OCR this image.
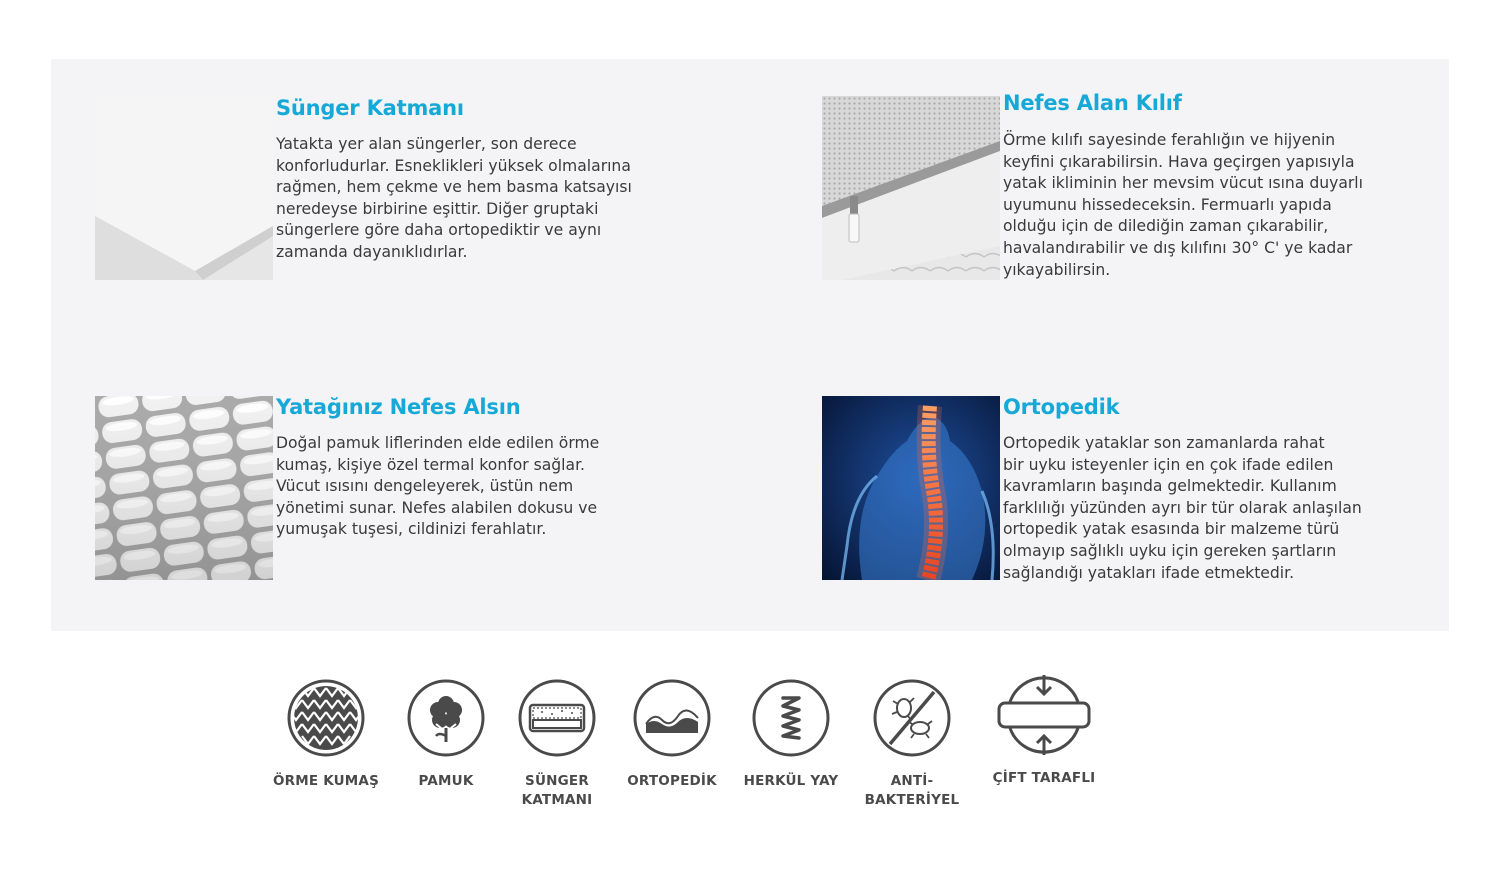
Sünger Katmanı
Yatakta yer alan süngerler, son derece
konforludurlar. Esneklikleri yüksek olmalarına
rağmen, hem çekme ve hem basma katsayısı
neredeyse birbirine eşittir. Diğer gruptaki
süngerlere göre daha ortopediktir ve aynı
zamanda dayanıklıdırlar.
Nefes Alan Kılıf
Örme kılıfı sayesinde ferahlığın ve hijyenin
keyfini çıkarabilirsin. Hava geçirgen yapısıyla
yatak ikliminin her mevsim vücut ısına duyarlı
uyumunu hissedeceksin. Fermuarlı yapıda
olduğu için de dilediğin zaman çıkarabilir,
havalandırabilir ve dış kılıfını 30° C' ye kadar
yıkayabilirsin.
Yatağınız Nefes Alsın
Doğal pamuk liflerinden elde edilen örme
kumaş, kişiye özel termal konfor sağlar.
Vücut ısısını dengeleyerek, üstün nem
yönetimi sunar. Nefes alabilen dokusu ve
yumuşak tuşesi, cildinizi ferahlatır.
Ortopedik
Ortopedik yataklar son zamanlarda rahat
bir uyku isteyenler için en çok ifade edilen
kavramların başında gelmektedir. Kullanım
farklılığı yüzünden ayrı bir tür olarak anlaşılan
ortopedik yatak esasında bir malzeme türü
olmayıp sağlıklı uyku için gereken şartların
sağlandığı yatakları ifade etmektedir.
ÖRME KUMAŞ	PAMUK	SÜNGER
KATMANI
ORTOPEDİK	HERKÜL YAY	ANTİ-BAKTERİYEL
ÇİFT TARAFLI
